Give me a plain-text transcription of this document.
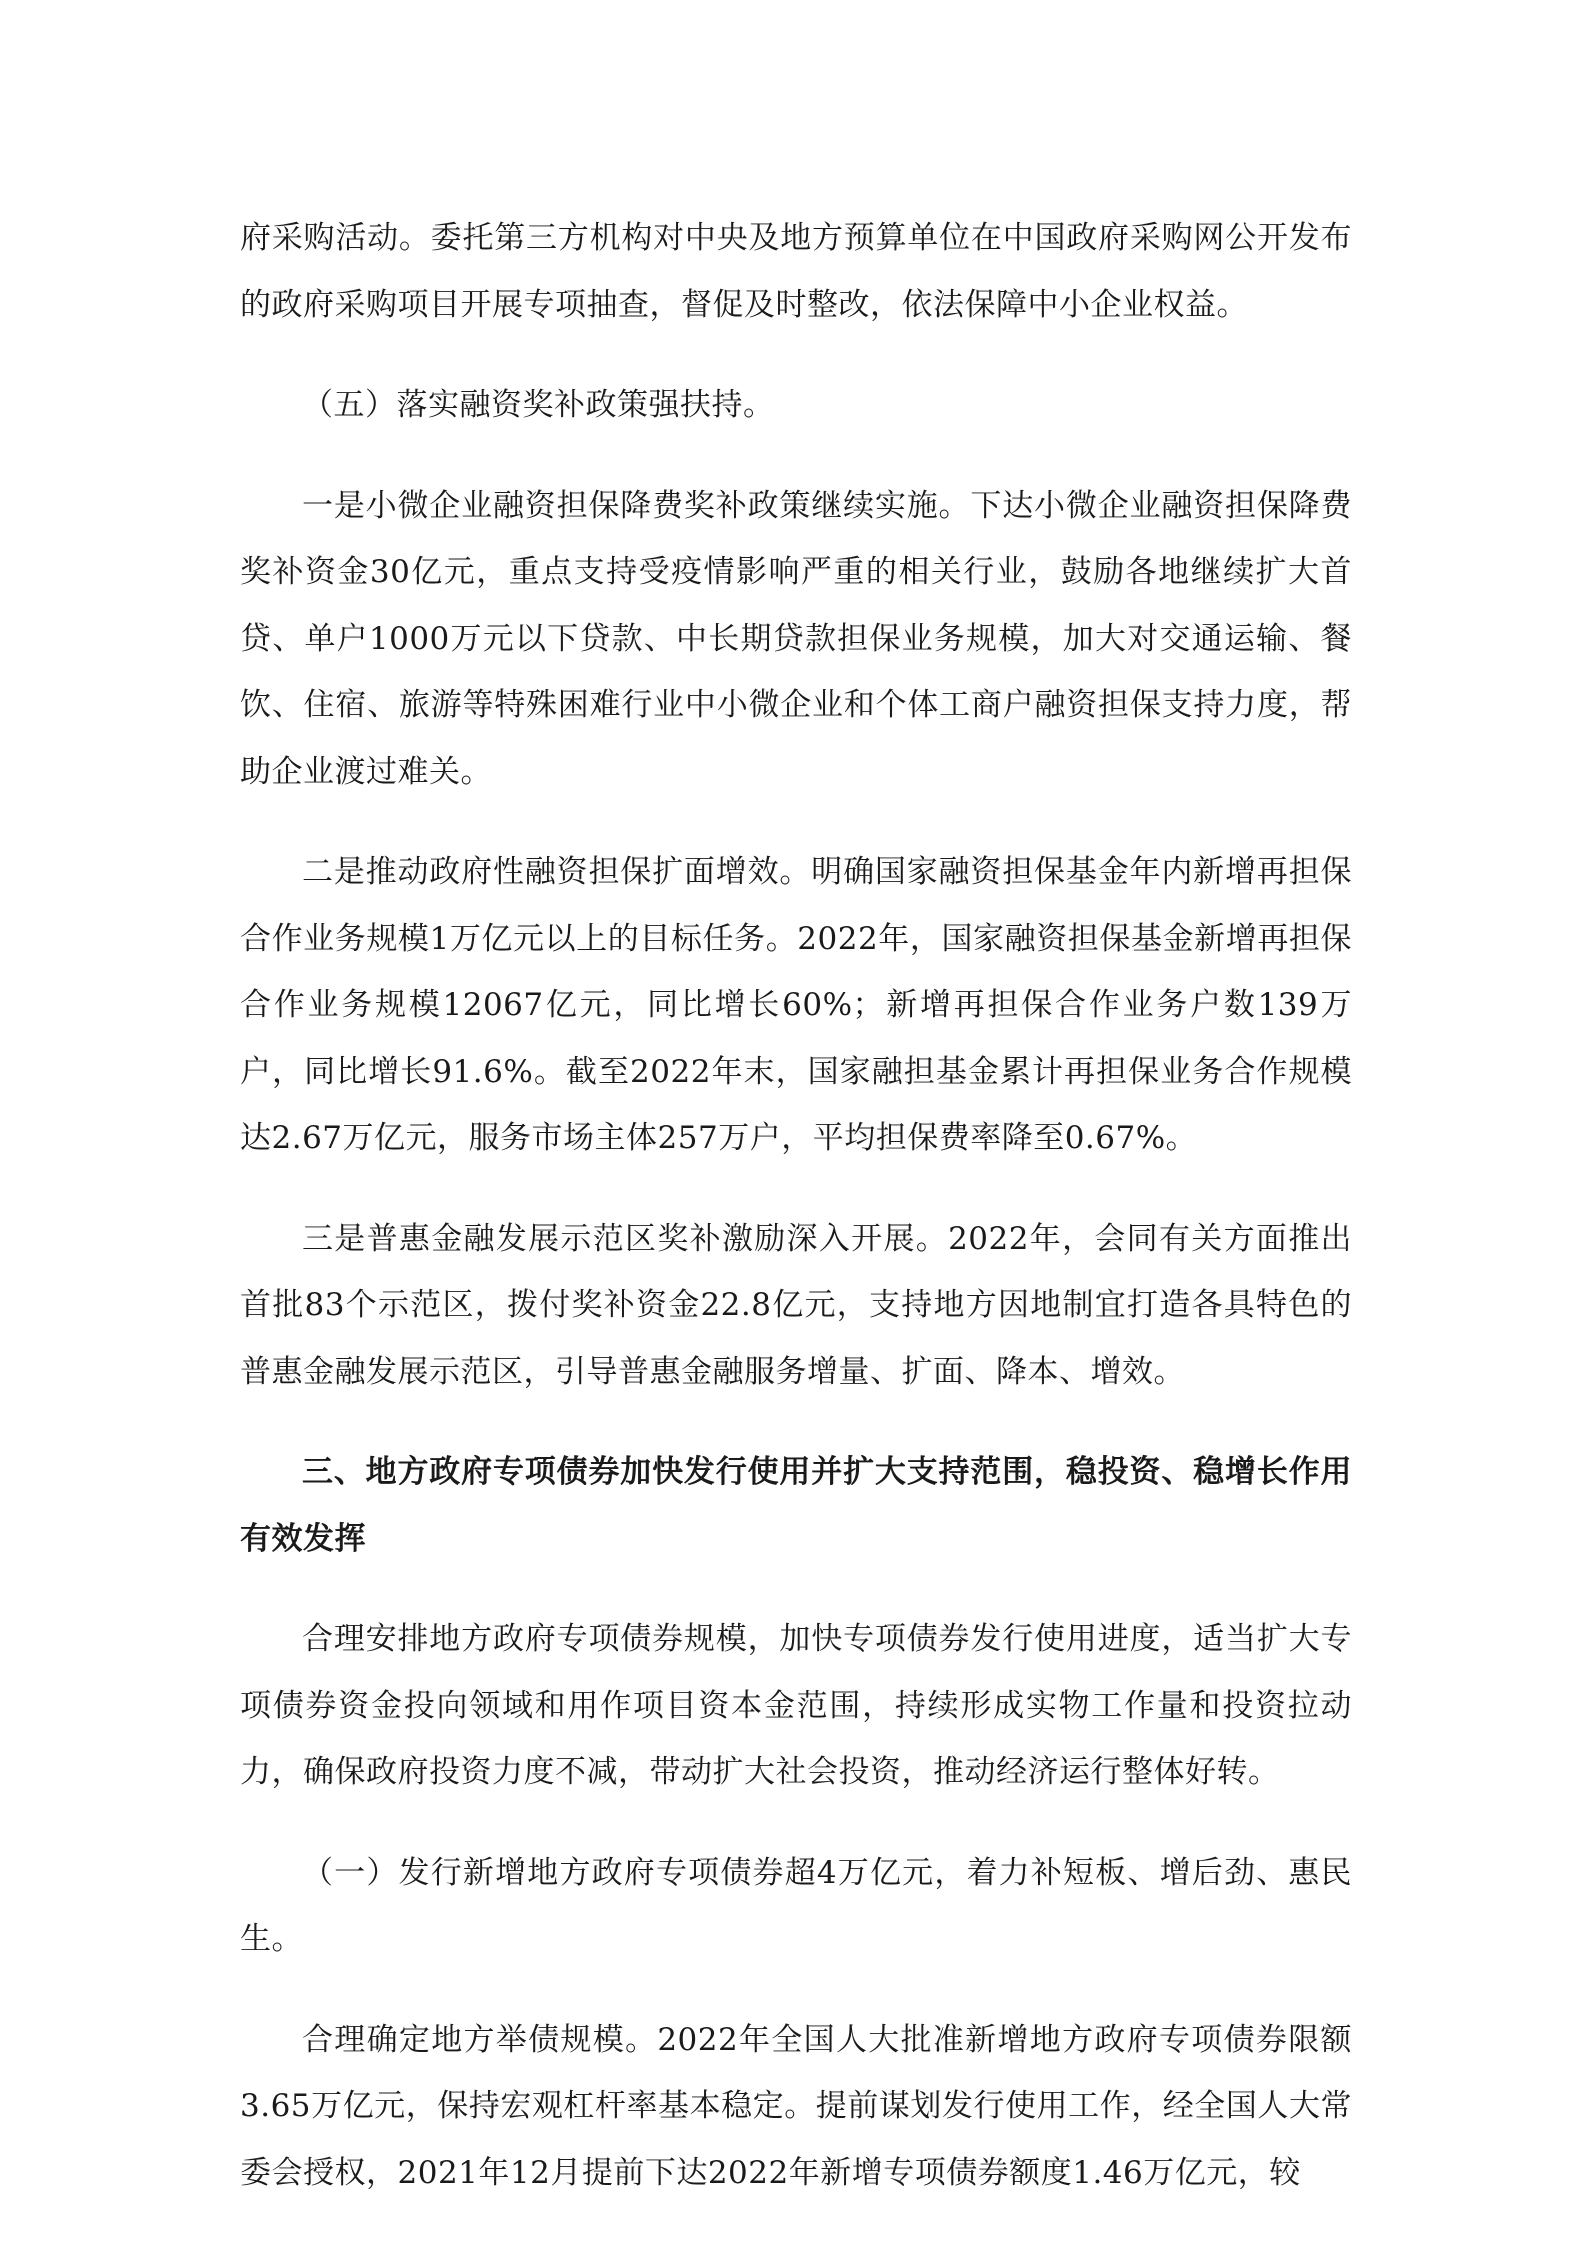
府采购活动。委托第三方机构对中央及地方预算单位在中国政府采购网公开发布的政府采购项目开展专项抽查，督促及时整改，依法保障中小企业权益。

（五）落实融资奖补政策强扶持。

一是小微企业融资担保降费奖补政策继续实施。下达小微企业融资担保降费奖补资金30亿元，重点支持受疫情影响严重的相关行业，鼓励各地继续扩大首贷、单户1000万元以下贷款、中长期贷款担保业务规模，加大对交通运输、餐饮、住宿、旅游等特殊困难行业中小微企业和个体工商户融资担保支持力度，帮助企业渡过难关。

二是推动政府性融资担保扩面增效。明确国家融资担保基金年内新增再担保合作业务规模1万亿元以上的目标任务。2022年，国家融资担保基金新增再担保合作业务规模12067亿元，同比增长60%；新增再担保合作业务户数139万户，同比增长91.6%。截至2022年末，国家融担基金累计再担保业务合作规模达2.67万亿元，服务市场主体257万户，平均担保费率降至0.67%。

三是普惠金融发展示范区奖补激励深入开展。2022年，会同有关方面推出首批83个示范区，拨付奖补资金22.8亿元，支持地方因地制宜打造各具特色的普惠金融发展示范区，引导普惠金融服务增量、扩面、降本、增效。

三、地方政府专项债券加快发行使用并扩大支持范围，稳投资、稳增长作用有效发挥

合理安排地方政府专项债券规模，加快专项债券发行使用进度，适当扩大专项债券资金投向领域和用作项目资本金范围，持续形成实物工作量和投资拉动力，确保政府投资力度不减，带动扩大社会投资，推动经济运行整体好转。

（一）发行新增地方政府专项债券超4万亿元，着力补短板、增后劲、惠民生。

合理确定地方举债规模。2022年全国人大批准新增地方政府专项债券限额3.65万亿元，保持宏观杠杆率基本稳定。提前谋划发行使用工作，经全国人大常委会授权，2021年12月提前下达2022年新增专项债券额度1.46万亿元，较
